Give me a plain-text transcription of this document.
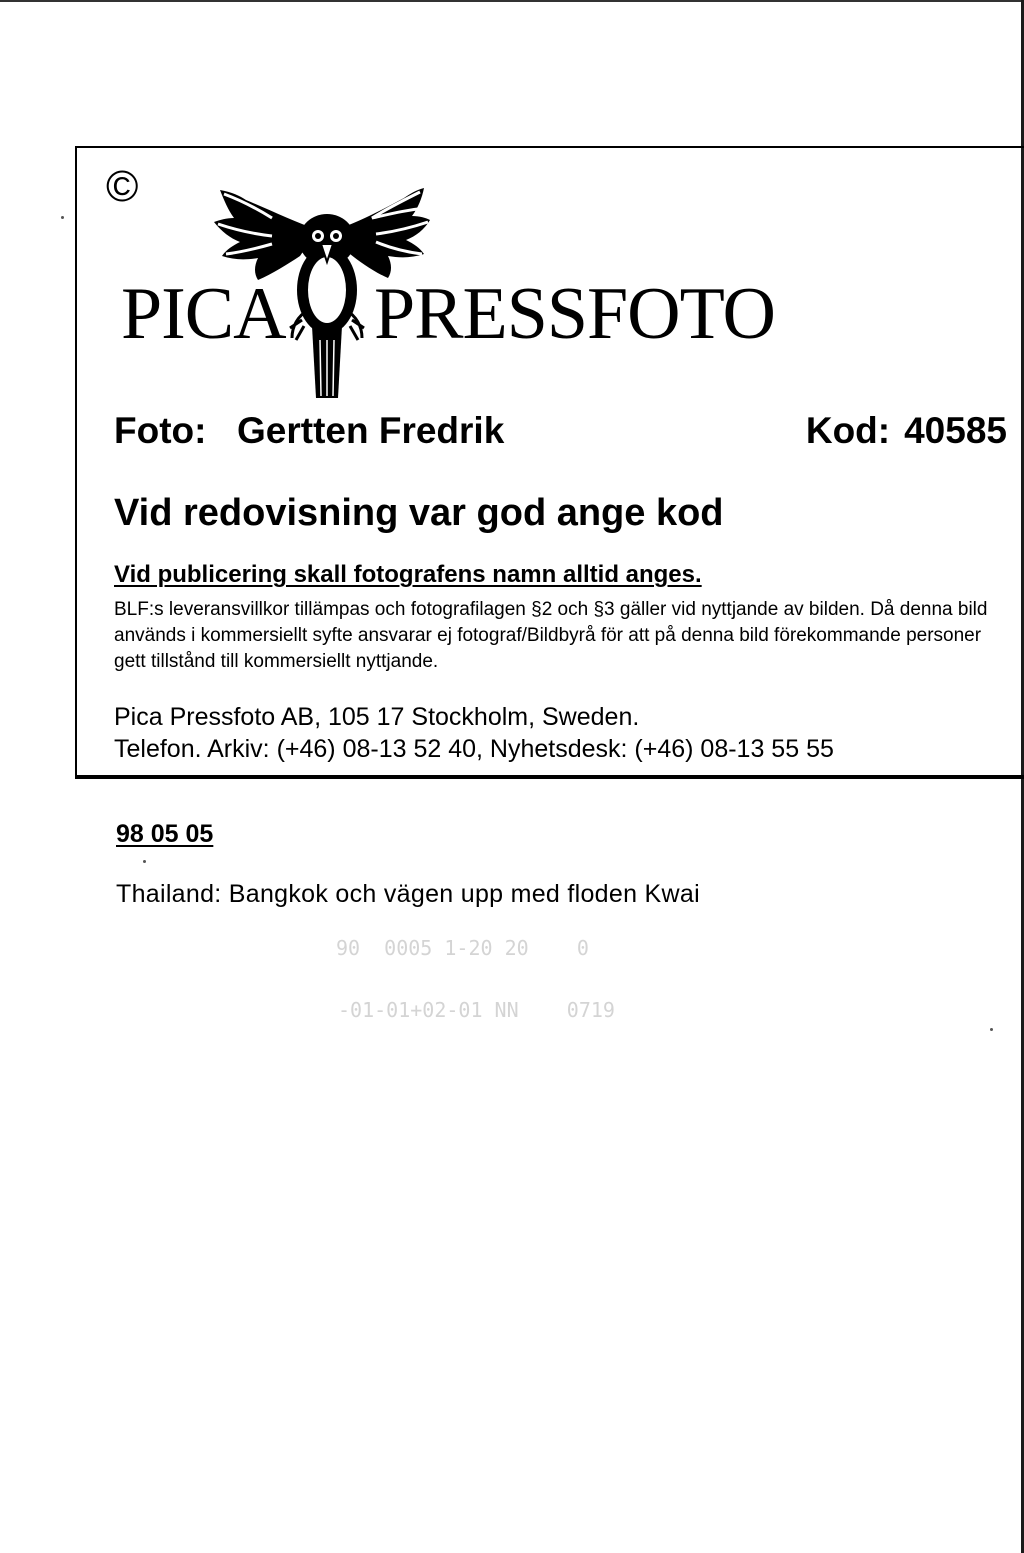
©
PICA PRESSFOTO
Foto: Gertten Fredrik	Kod: 40585
Vid redovisning var god ange kod
Vid publicering skall fotografens namn alltid anges.
BLF:s leveransvillkor tillämpas och fotografilagen §2 och §3 gäller vid nyttjande av bilden. Då denna bild används i kommersiellt syfte ansvarar ej fotograf/Bildbyrå för att på denna bild förekommande personer gett tillstånd till kommersiellt nyttjande.
Pica Pressfoto AB, 105 17 Stockholm, Sweden.
Telefon. Arkiv: (+46) 08-13 52 40, Nyhetsdesk: (+46) 08-13 55 55
98 05 05
Thailand: Bangkok och vägen upp med floden Kwai
90  0005 1-20 20    0
-01-01+02-01 NN    0719
